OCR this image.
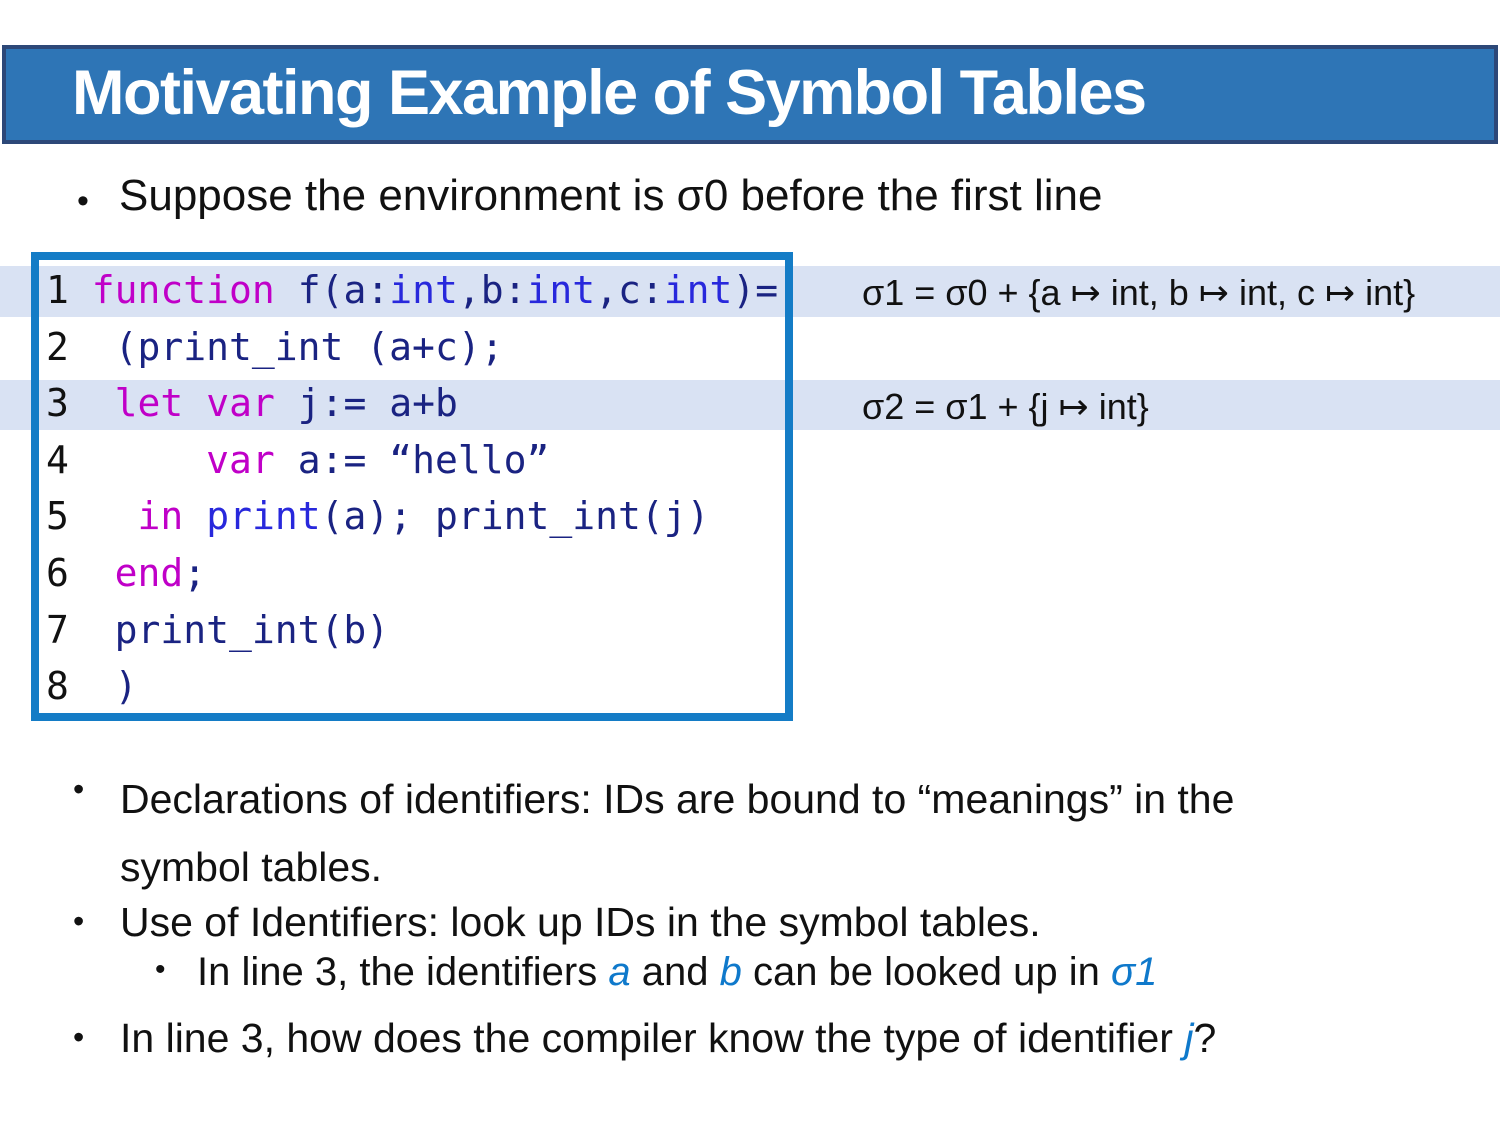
Motivating Example of Symbol Tables
• Suppose the environment is σ0 before the first line
1 function f(a:int,b:int,c:int)=
2  (print_int (a+c);
3 let var j:= a+b
4	var a:= “hello”
5 in print(a); print_int(j)
6 end;
7  print_int(b)
8  )
σ1 = σ0 + {a ↦ int, b ↦ int, c ↦ int}
σ2 = σ1 + {j ↦ int}
• Declarations of identifiers: IDs are bound to “meanings” in the
symbol tables.
• Use of Identifiers: look up IDs in the symbol tables.
• In line 3, the identifiers a and b can be looked up in σ1
• In line 3, how does the compiler know the type of identifier j?
